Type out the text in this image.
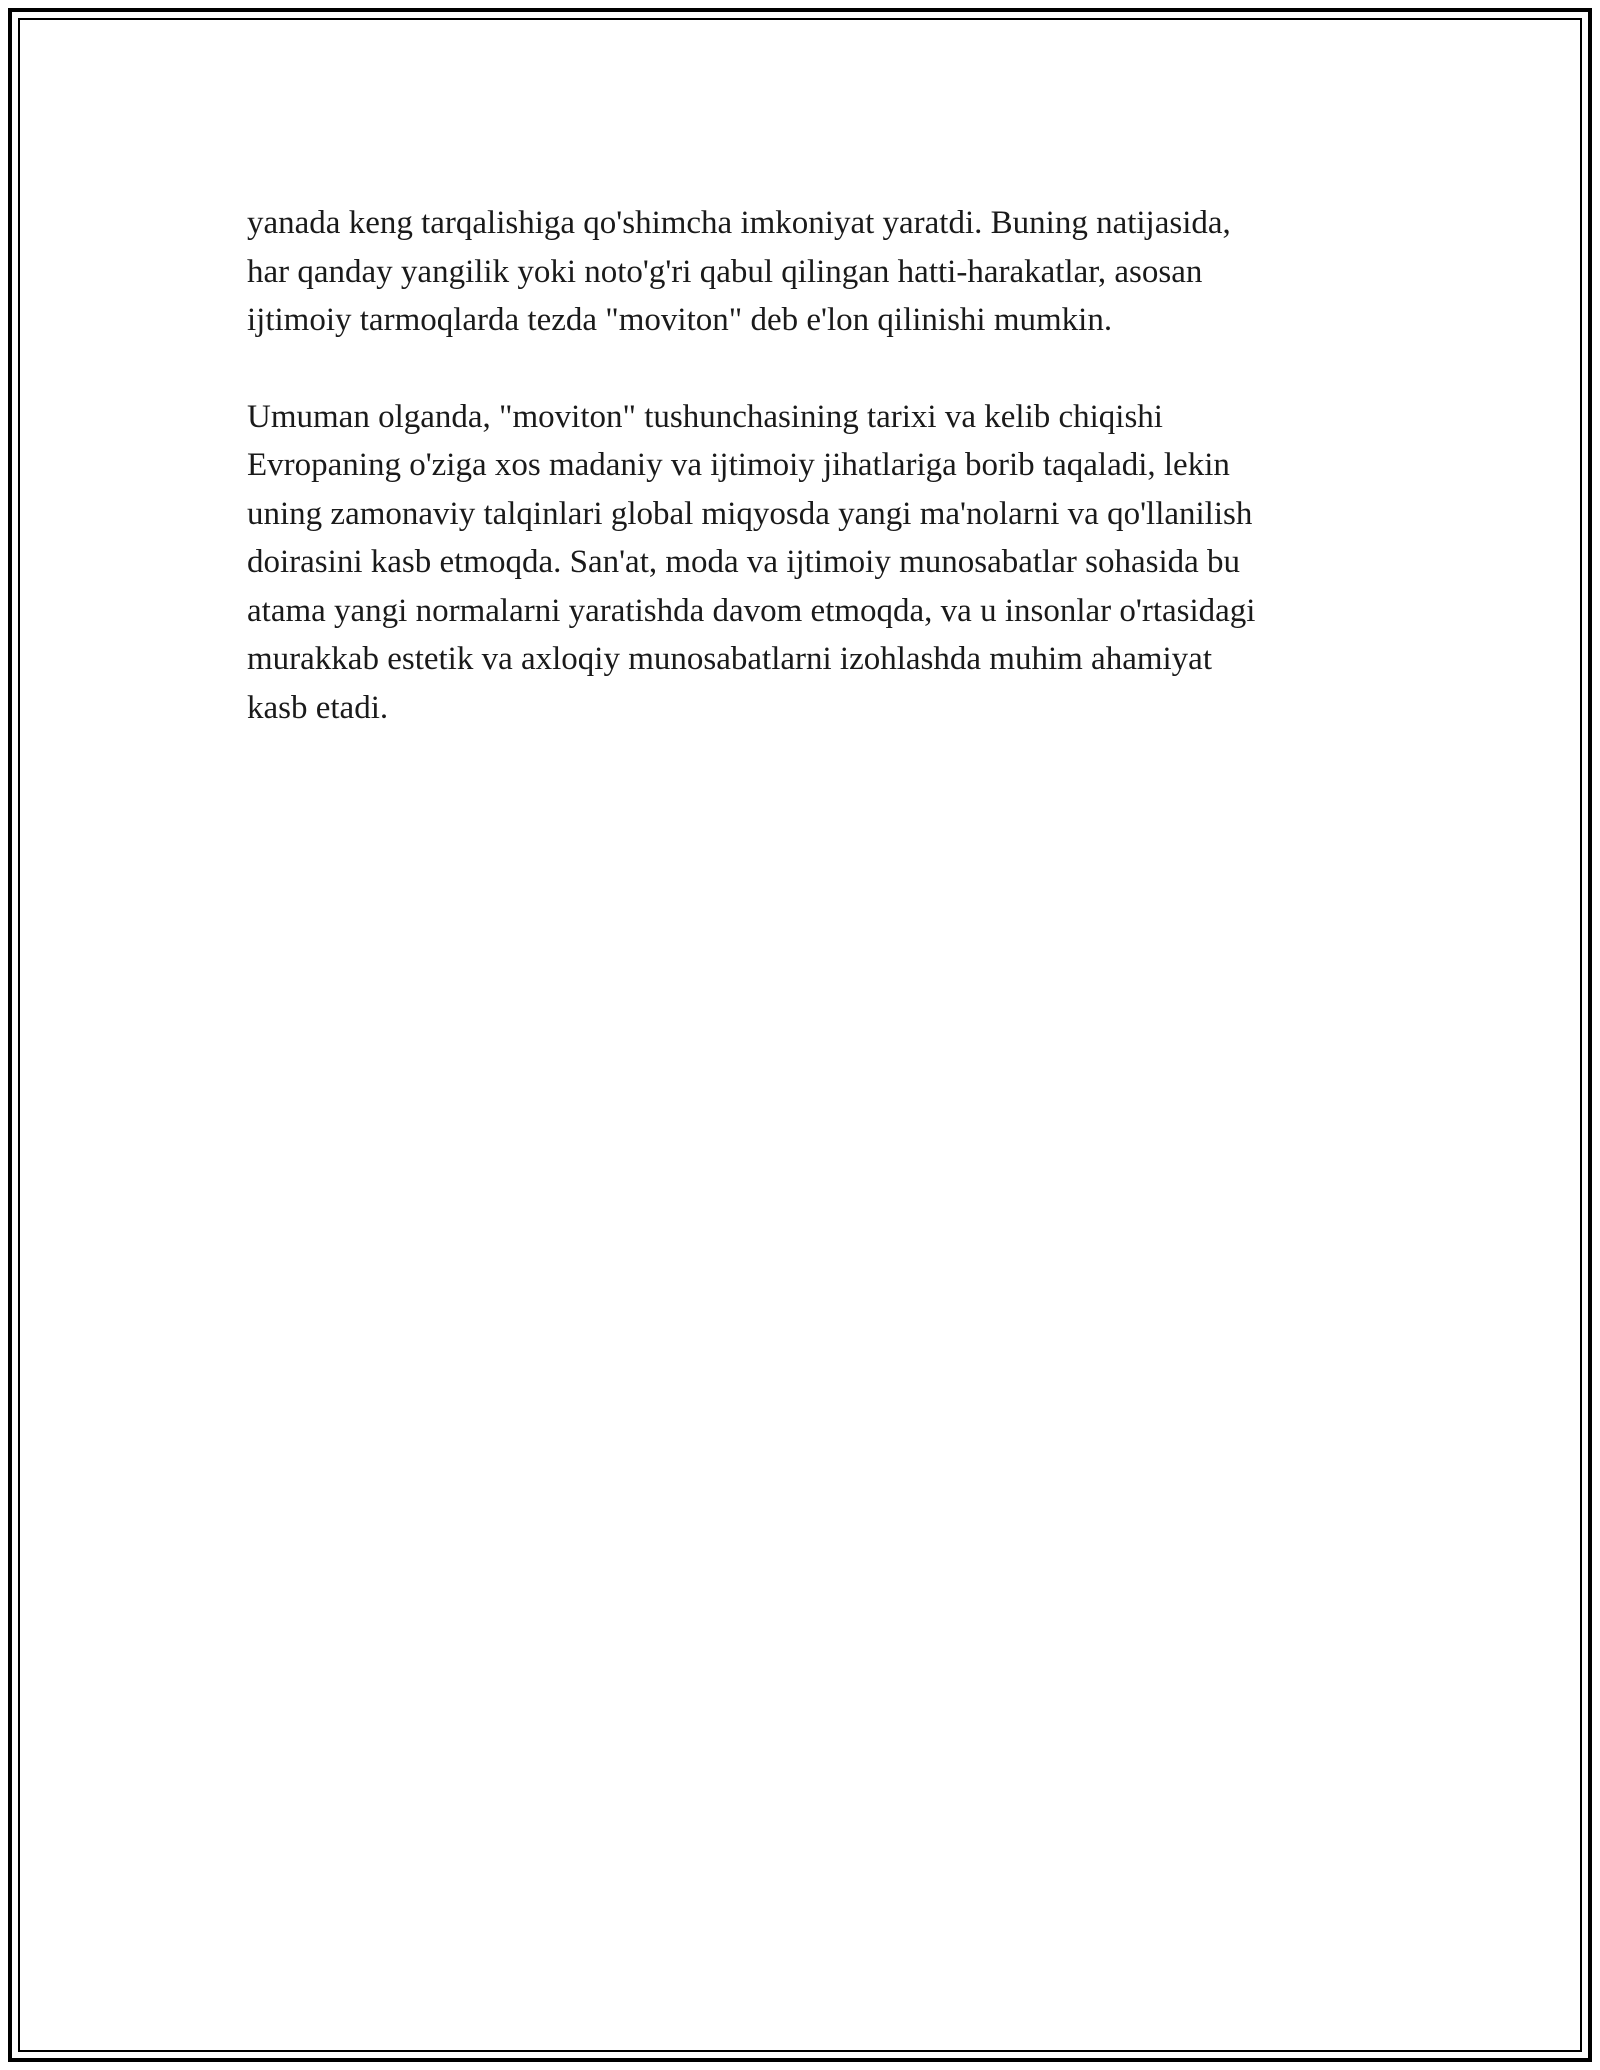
yanada keng tarqalishiga qo'shimcha imkoniyat yaratdi. Buning natijasida,
har qanday yangilik yoki noto'g'ri qabul qilingan hatti-harakatlar, asosan
ijtimoiy tarmoqlarda tezda "moviton" deb e'lon qilinishi mumkin.

Umuman olganda, "moviton" tushunchasining tarixi va kelib chiqishi
Evropaning o'ziga xos madaniy va ijtimoiy jihatlariga borib taqaladi, lekin
uning zamonaviy talqinlari global miqyosda yangi ma'nolarni va qo'llanilish
doirasini kasb etmoqda. San'at, moda va ijtimoiy munosabatlar sohasida bu
atama yangi normalarni yaratishda davom etmoqda, va u insonlar o'rtasidagi
murakkab estetik va axloqiy munosabatlarni izohlashda muhim ahamiyat
kasb etadi.
